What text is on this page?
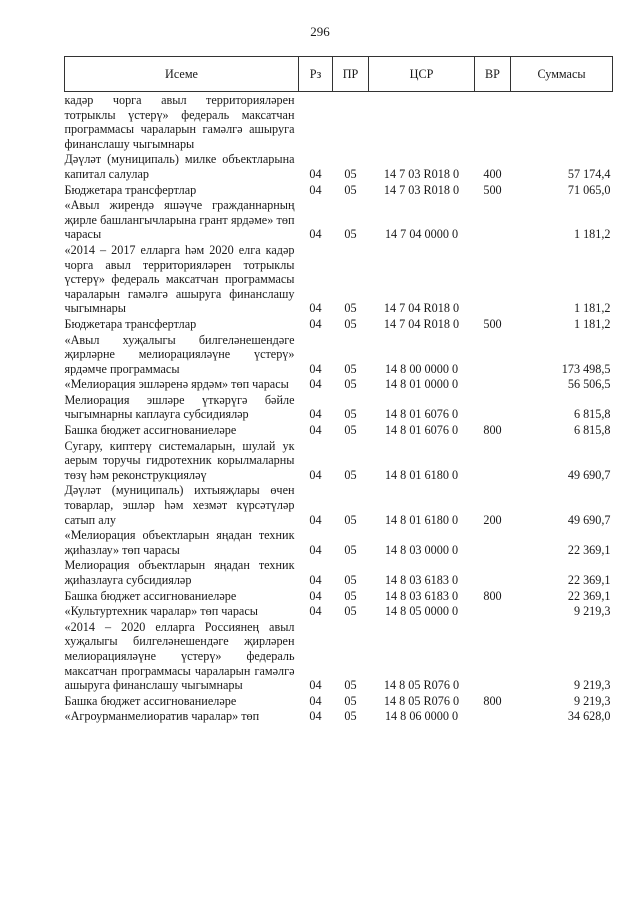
296
Исеме	Рз	ПР	ЦСР	ВР	Суммасы
кадәр чорга авыл территорияләрен тотрыклы үстерү» федераль максатчан программасы чараларын гамәлгә ашыруга финанслашу чыгымнары					
Дәүләт (муниципаль) милке объектларына капитал салулар	04	05	14 7 03 R018 0	400	57 174,4
Бюджетара трансфертлар	04	05	14 7 03 R018 0	500	71 065,0
«Авыл жирендә яшәүче гражданнарның җирле башлангычларына грант ярдәме» төп чарасы	04	05	14 7 04 0000 0		1 181,2
«2014 – 2017 елларга һәм 2020 елга кадәр чорга авыл территорияләрен тотрыклы үстерү» федераль максатчан программасы чараларын гамәлгә ашыруга финанслашу чыгымнары	04	05	14 7 04 R018 0		1 181,2
Бюджетара трансфертлар	04	05	14 7 04 R018 0	500	1 181,2
«Авыл хуҗалыгы билгеләнешендәге җирләрне мелиорацияләүне үстерү» ярдәмче программасы	04	05	14 8 00 0000 0		173 498,5
«Мелиорация эшләренә ярдәм» төп чарасы	04	05	14 8 01 0000 0		56 506,5
Мелиорация эшләре үткәрүгә бәйле чыгымнарны каплауга субсидияләр	04	05	14 8 01 6076 0		6 815,8
Башка бюджет ассигнованиеләре	04	05	14 8 01 6076 0	800	6 815,8
Сугару, киптерү системаларын, шулай ук аерым торучы гидротехник корылмаларны төзү һәм реконструкцияләү	04	05	14 8 01 6180 0		49 690,7
Дәүләт (муниципаль) ихтыяҗлары өчен товарлар, эшләр һәм хезмәт күрсәтүләр сатып алу	04	05	14 8 01 6180 0	200	49 690,7
«Мелиорация объектларын яңадан техник җиһазлау» төп чарасы	04	05	14 8 03 0000 0		22 369,1
Мелиорация объектларын яңадан техник җиһазлауга субсидияләр	04	05	14 8 03 6183 0		22 369,1
Башка бюджет ассигнованиеләре	04	05	14 8 03 6183 0	800	22 369,1
«Культуртехник чаралар» төп чарасы	04	05	14 8 05 0000 0		9 219,3
«2014 – 2020 елларга Россиянең авыл хуҗалыгы билгеләнешендәге җирләрен мелиорацияләүне үстерү» федераль максатчан программасы чараларын гамәлгә ашыруга финанслашу чыгымнары	04	05	14 8 05 R076 0		9 219,3
Башка бюджет ассигнованиеләре	04	05	14 8 05 R076 0	800	9 219,3
«Агроурманмелиоратив чаралар» төп	04	05	14 8 06 0000 0		34 628,0
